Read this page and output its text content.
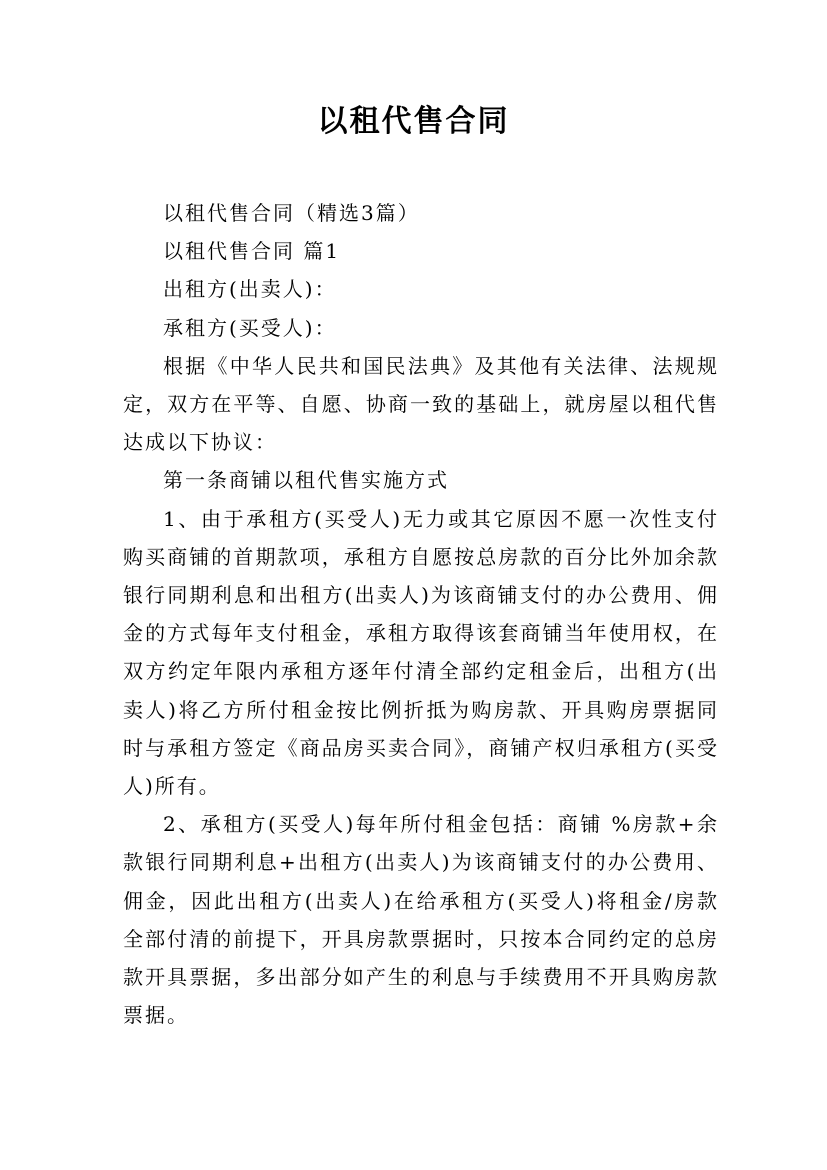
以租代售合同

以租代售合同（精选3篇）

以租代售合同 篇1

出租方(出卖人)：

承租方(买受人)：

根据《中华人民共和国民法典》及其他有关法律、法规规定，双方在平等、自愿、协商一致的基础上，就房屋以租代售达成以下协议：

第一条商铺以租代售实施方式

1、由于承租方(买受人)无力或其它原因不愿一次性支付购买商铺的首期款项，承租方自愿按总房款的百分比外加余款银行同期利息和出租方(出卖人)为该商铺支付的办公费用、佣金的方式每年支付租金，承租方取得该套商铺当年使用权，在双方约定年限内承租方逐年付清全部约定租金后，出租方(出卖人)将乙方所付租金按比例折抵为购房款、开具购房票据同时与承租方签定《商品房买卖合同》，商铺产权归承租方(买受人)所有。

2、承租方(买受人)每年所付租金包括：商铺 %房款+余款银行同期利息+出租方(出卖人)为该商铺支付的办公费用、佣金，因此出租方(出卖人)在给承租方(买受人)将租金/房款全部付清的前提下，开具房款票据时，只按本合同约定的总房款开具票据，多出部分如产生的利息与手续费用不开具购房款票据。
